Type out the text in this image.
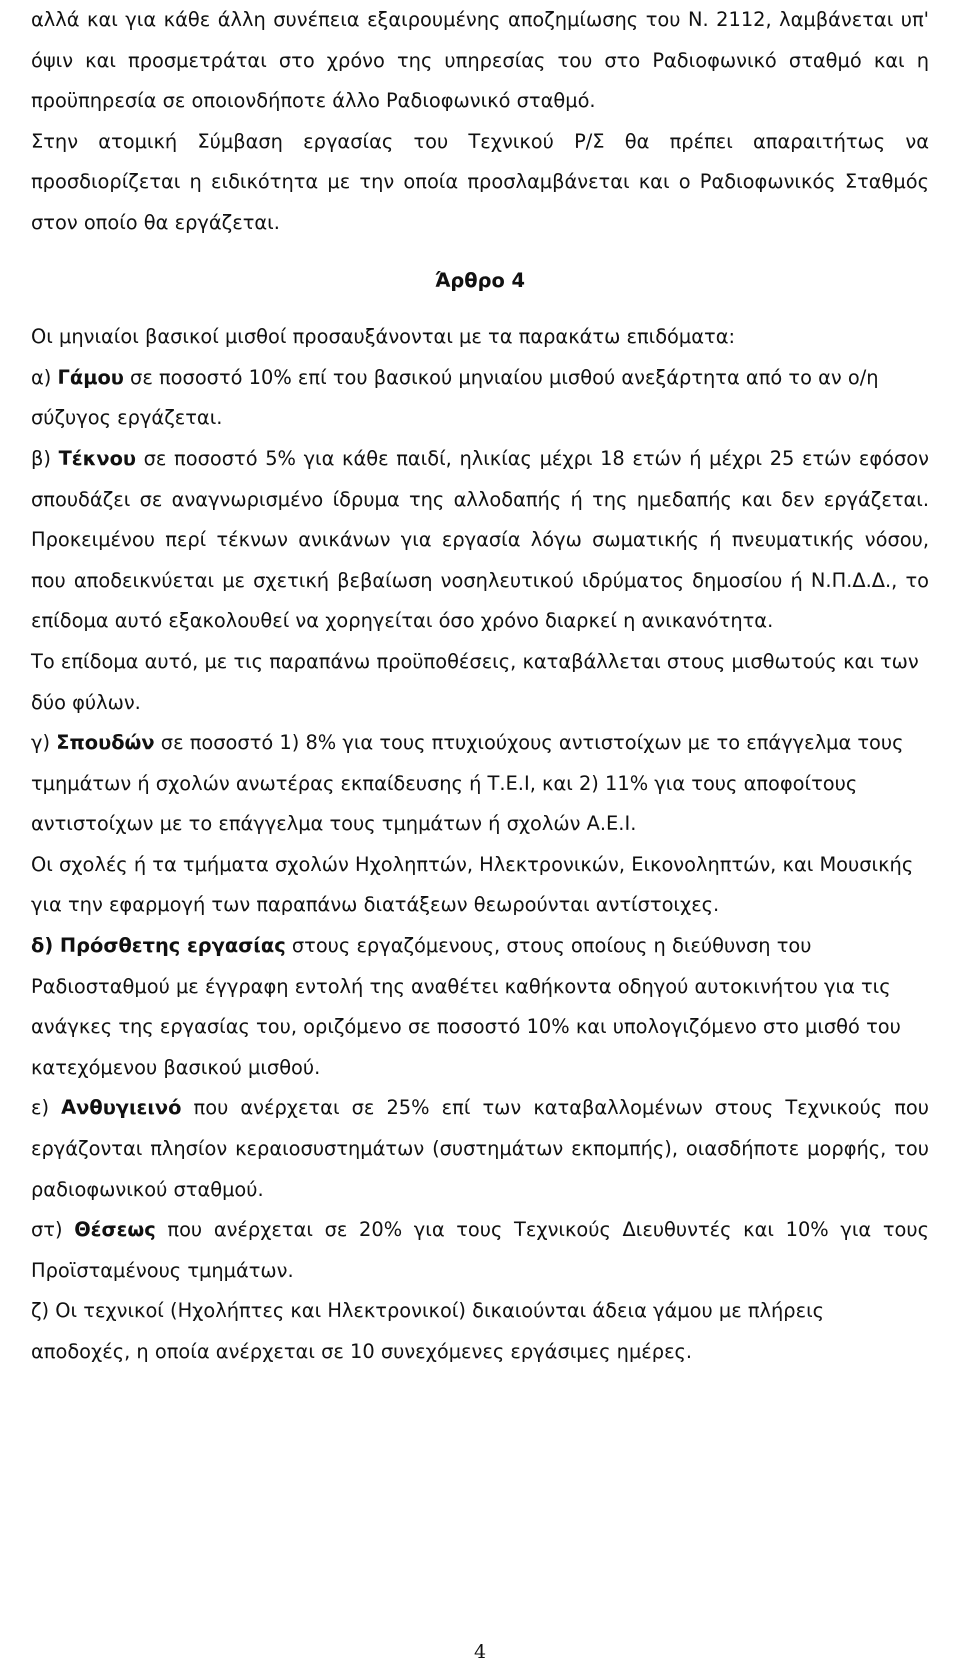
αλλά και για κάθε άλλη συνέπεια εξαιρουμένης αποζημίωσης του Ν. 2112, λαμβάνεται υπ' όψιν και προσμετράται στο χρόνο της υπηρεσίας του στο Ραδιοφωνικό σταθμό και η προϋπηρεσία σε οποιονδήποτε άλλο Ραδιοφωνικό σταθμό.

Στην ατομική Σύμβαση εργασίας του Τεχνικού Ρ/Σ θα πρέπει απαραιτήτως να προσδιορίζεται η ειδικότητα με την οποία προσλαμβάνεται και ο Ραδιοφωνικός Σταθμός στον οποίο θα εργάζεται.

Άρθρο 4

Οι μηνιαίοι βασικοί μισθοί προσαυξάνονται με τα παρακάτω επιδόματα:

α) Γάμου σε ποσοστό 10% επί του βασικού μηνιαίου μισθού ανεξάρτητα από το αν ο/η σύζυγος εργάζεται.

β) Τέκνου σε ποσοστό 5% για κάθε παιδί, ηλικίας μέχρι 18 ετών ή μέχρι 25 ετών εφόσον σπουδάζει σε αναγνωρισμένο ίδρυμα της αλλοδαπής ή της ημεδαπής και δεν εργάζεται. Προκειμένου περί τέκνων ανικάνων για εργασία λόγω σωματικής ή πνευματικής νόσου, που αποδεικνύεται με σχετική βεβαίωση νοσηλευτικού ιδρύματος δημοσίου ή Ν.Π.Δ.Δ., το επίδομα αυτό εξακολουθεί να χορηγείται όσο χρόνο διαρκεί η ανικανότητα.

Το επίδομα αυτό, με τις παραπάνω προϋποθέσεις, καταβάλλεται στους μισθωτούς και των δύο φύλων.

γ) Σπουδών σε ποσοστό 1) 8% για τους πτυχιούχους αντιστοίχων με το επάγγελμα τους τμημάτων ή σχολών ανωτέρας εκπαίδευσης ή Τ.Ε.Ι, και 2) 11% για τους αποφοίτους αντιστοίχων με το επάγγελμα τους τμημάτων ή σχολών Α.Ε.Ι.

Οι σχολές ή τα τμήματα σχολών Ηχοληπτών, Ηλεκτρονικών, Εικονοληπτών, και Μουσικής για την εφαρμογή των παραπάνω διατάξεων θεωρούνται αντίστοιχες.

δ) Πρόσθετης εργασίας στους εργαζόμενους, στους οποίους η διεύθυνση του Ραδιοσταθμού με έγγραφη εντολή της αναθέτει καθήκοντα οδηγού αυτοκινήτου για τις ανάγκες της εργασίας του, οριζόμενο σε ποσοστό 10% και υπολογιζόμενο στο μισθό του κατεχόμενου βασικού μισθού.

ε) Ανθυγιεινό που ανέρχεται σε 25% επί των καταβαλλομένων στους Τεχνικούς που εργάζονται πλησίον κεραιοσυστημάτων (συστημάτων εκπομπής), οιασδήποτε μορφής, του ραδιοφωνικού σταθμού.

στ) Θέσεως που ανέρχεται σε 20% για τους Τεχνικούς Διευθυντές και 10% για τους Προϊσταμένους τμημάτων.

ζ) Οι τεχνικοί (Ηχολήπτες και Ηλεκτρονικοί) δικαιούνται άδεια γάμου με πλήρεις αποδοχές, η οποία ανέρχεται σε 10 συνεχόμενες εργάσιμες ημέρες.

4
